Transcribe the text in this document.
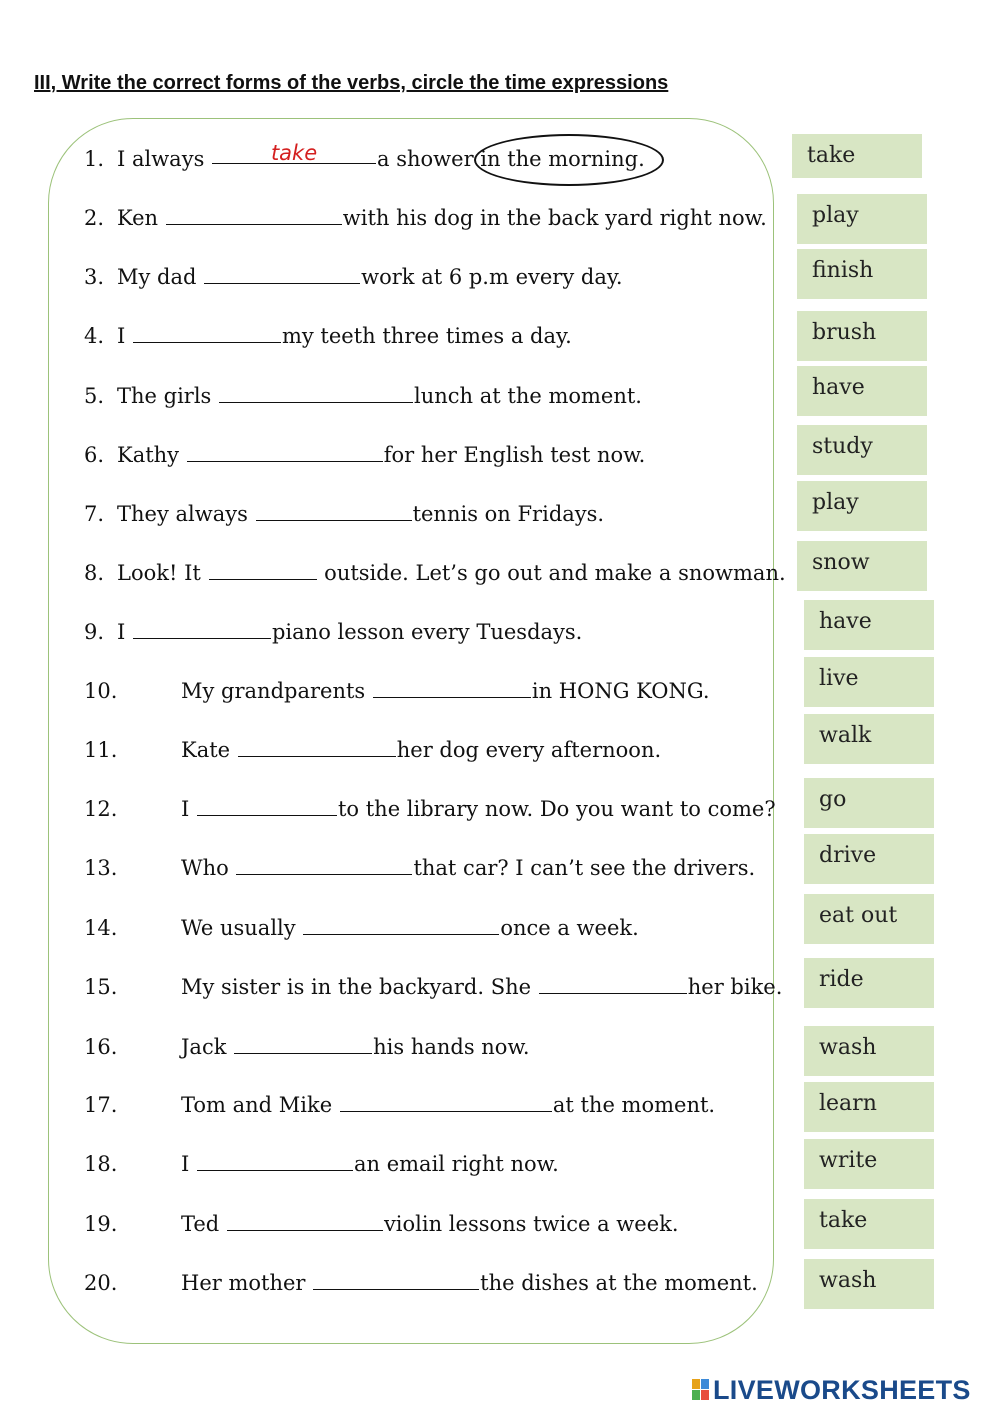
III, Write the correct forms of the verbs, circle the time expressions
1. I always	take	a shower in the morning.
2. Ken	with his dog in the back yard right now.
3. My dad	work at 6 p.m every day.
4. I	my teeth three times a day.
5. The girls	lunch at the moment.
6. Kathy	for her English test now.
7. They always	tennis on Fridays.
8. Look! It	outside. Let’s go out and make a snowman.
9. I	piano lesson every Tuesdays.
10.	My grandparents	in HONG KONG.
11.	Kate	her dog every afternoon.
12.	I	to the library now. Do you want to come?
13.	Who	that car? I can’t see the drivers.
14.	We usually	once a week.
15.	My sister is in the backyard. She	her bike.
16.	Jack	his hands now.
17.	Tom and Mike	at the moment.
18.	I	an email right now.
19.	Ted	violin lessons twice a week.
20.	Her mother	the dishes at the moment.
take
play
finish
brush
have
study
play
snow
have
live
walk
go
drive
eat out
ride
wash
learn
write
take
wash
LIVEWORKSHEETS
